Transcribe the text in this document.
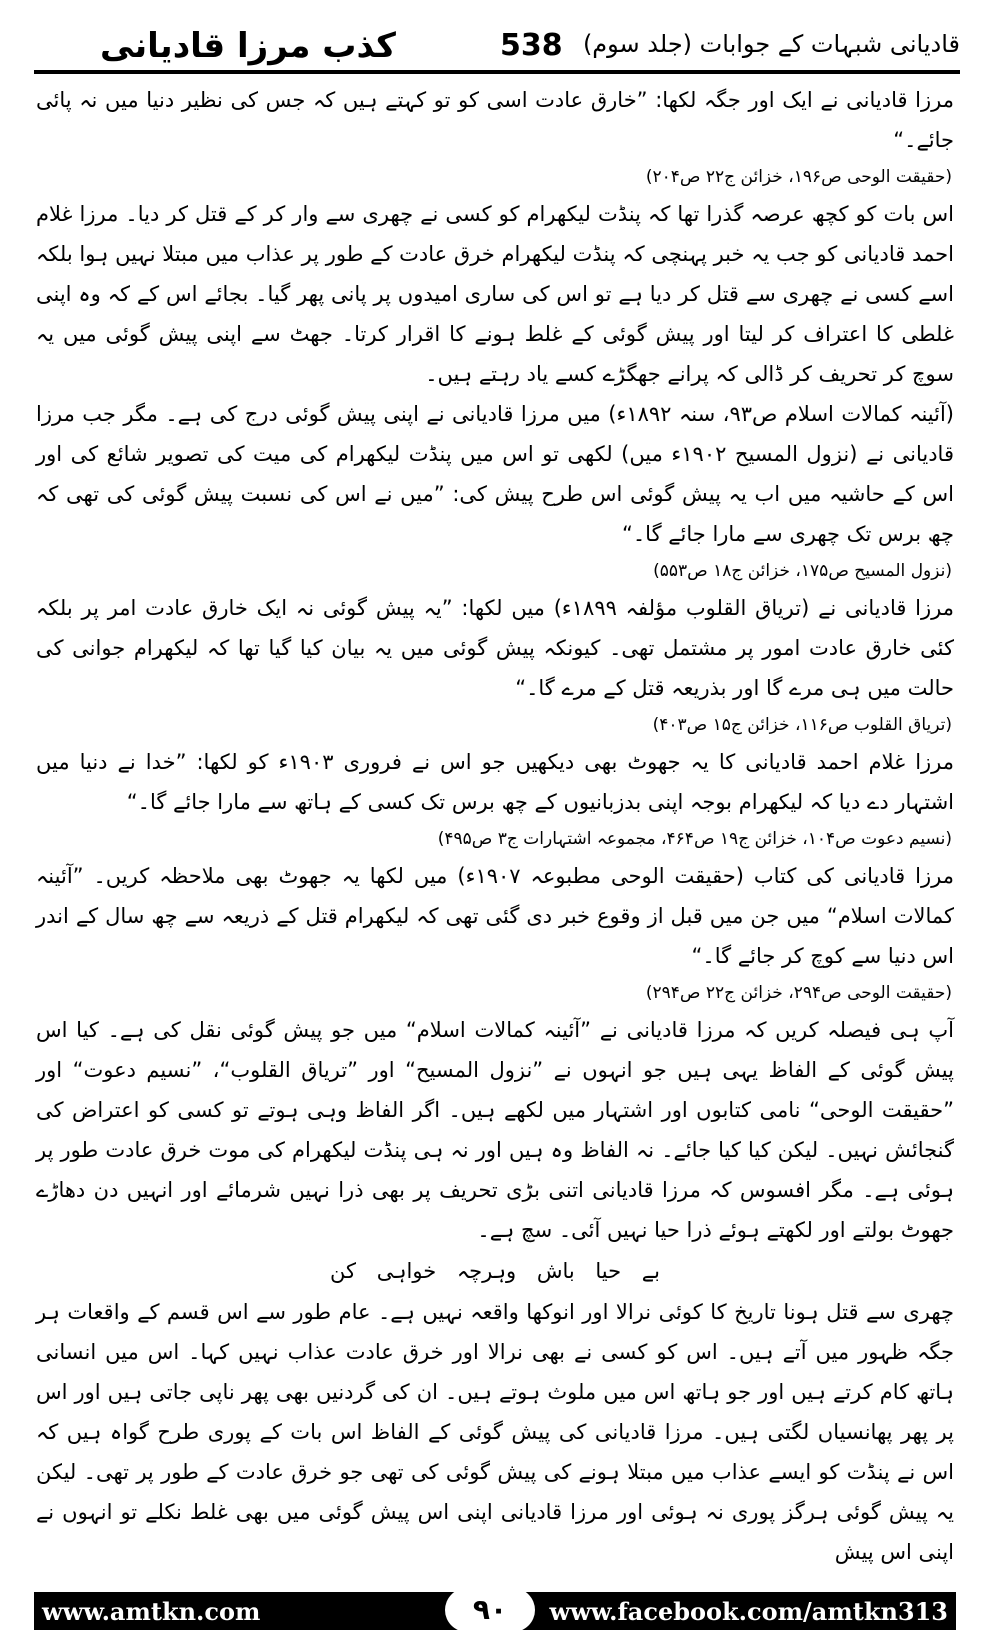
کذب مرزا قادیانی	538 قادیانی شبہات کے جوابات (جلد سوم)

مرزا قادیانی نے ایک اور جگہ لکھا: ”خارق عادت اسی کو تو کہتے ہیں کہ جس کی نظیر دنیا میں نہ پائی جائے۔“

(حقیقت الوحی ص۱۹۶، خزائن ج۲۲ ص۲۰۴)

اس بات کو کچھ عرصہ گذرا تھا کہ پنڈت لیکھرام کو کسی نے چھری سے وار کر کے قتل کر دیا۔ مرزا غلام احمد قادیانی کو جب یہ خبر پہنچی کہ پنڈت لیکھرام خرق عادت کے طور پر عذاب میں مبتلا نہیں ہوا بلکہ اسے کسی نے چھری سے قتل کر دیا ہے تو اس کی ساری امیدوں پر پانی پھر گیا۔ بجائے اس کے کہ وہ اپنی غلطی کا اعتراف کر لیتا اور پیش گوئی کے غلط ہونے کا اقرار کرتا۔ جھٹ سے اپنی پیش گوئی میں یہ سوچ کر تحریف کر ڈالی کہ پرانے جھگڑے کسے یاد رہتے ہیں۔

(آئینہ کمالات اسلام ص۹۳، سنہ ۱۸۹۲ء) میں مرزا قادیانی نے اپنی پیش گوئی درج کی ہے۔ مگر جب مرزا قادیانی نے (نزول المسیح ۱۹۰۲ء میں) لکھی تو اس میں پنڈت لیکھرام کی میت کی تصویر شائع کی اور اس کے حاشیہ میں اب یہ پیش گوئی اس طرح پیش کی: ”میں نے اس کی نسبت پیش گوئی کی تھی کہ چھ برس تک چھری سے مارا جائے گا۔“

(نزول المسیح ص۱۷۵، خزائن ج۱۸ ص۵۵۳)

مرزا قادیانی نے (تریاق القلوب مؤلفہ ۱۸۹۹ء) میں لکھا: ”یہ پیش گوئی نہ ایک خارق عادت امر پر بلکہ کئی خارق عادت امور پر مشتمل تھی۔ کیونکہ پیش گوئی میں یہ بیان کیا گیا تھا کہ لیکھرام جوانی کی حالت میں ہی مرے گا اور بذریعہ قتل کے مرے گا۔“

(تریاق القلوب ص۱۱۶، خزائن ج۱۵ ص۴۰۳)

مرزا غلام احمد قادیانی کا یہ جھوٹ بھی دیکھیں جو اس نے فروری ۱۹۰۳ء کو لکھا: ”خدا نے دنیا میں اشتہار دے دیا کہ لیکھرام بوجہ اپنی بدزبانیوں کے چھ برس تک کسی کے ہاتھ سے مارا جائے گا۔“

(نسیم دعوت ص۱۰۴، خزائن ج۱۹ ص۴۶۴، مجموعہ اشتہارات ج۳ ص۴۹۵)

مرزا قادیانی کی کتاب (حقیقت الوحی مطبوعہ ۱۹۰۷ء) میں لکھا یہ جھوٹ بھی ملاحظہ کریں۔ ”آئینہ کمالات اسلام“ میں جن میں قبل از وقوع خبر دی گئی تھی کہ لیکھرام قتل کے ذریعہ سے چھ سال کے اندر اس دنیا سے کوچ کر جائے گا۔“

(حقیقت الوحی ص۲۹۴، خزائن ج۲۲ ص۲۹۴)

آپ ہی فیصلہ کریں کہ مرزا قادیانی نے ”آئینہ کمالات اسلام“ میں جو پیش گوئی نقل کی ہے۔ کیا اس پیش گوئی کے الفاظ یہی ہیں جو انہوں نے ”نزول المسیح“ اور ”تریاق القلوب“، ”نسیم دعوت“ اور ”حقیقت الوحی“ نامی کتابوں اور اشتہار میں لکھے ہیں۔ اگر الفاظ وہی ہوتے تو کسی کو اعتراض کی گنجائش نہیں۔ لیکن کیا کیا جائے۔ نہ الفاظ وہ ہیں اور نہ ہی پنڈت لیکھرام کی موت خرق عادت طور پر ہوئی ہے۔ مگر افسوس کہ مرزا قادیانی اتنی بڑی تحریف پر بھی ذرا نہیں شرمائے اور انہیں دن دھاڑے جھوٹ بولتے اور لکھتے ہوئے ذرا حیا نہیں آئی۔ سچ ہے۔

بے حیا باش وہرچہ خواہی کن

چھری سے قتل ہونا تاریخ کا کوئی نرالا اور انوکھا واقعہ نہیں ہے۔ عام طور سے اس قسم کے واقعات ہر جگہ ظہور میں آتے ہیں۔ اس کو کسی نے بھی نرالا اور خرق عادت عذاب نہیں کہا۔ اس میں انسانی ہاتھ کام کرتے ہیں اور جو ہاتھ اس میں ملوث ہوتے ہیں۔ ان کی گردنیں بھی پھر ناپی جاتی ہیں اور اس پر پھر پھانسیاں لگتی ہیں۔ مرزا قادیانی کی پیش گوئی کے الفاظ اس بات کے پوری طرح گواہ ہیں کہ اس نے پنڈت کو ایسے عذاب میں مبتلا ہونے کی پیش گوئی کی تھی جو خرق عادت کے طور پر تھی۔ لیکن یہ پیش گوئی ہرگز پوری نہ ہوئی اور مرزا قادیانی اپنی اس پیش گوئی میں بھی غلط نکلے تو انہوں نے اپنی اس پیش

www.amtkn.com	۹۰	www.facebook.com/amtkn313
